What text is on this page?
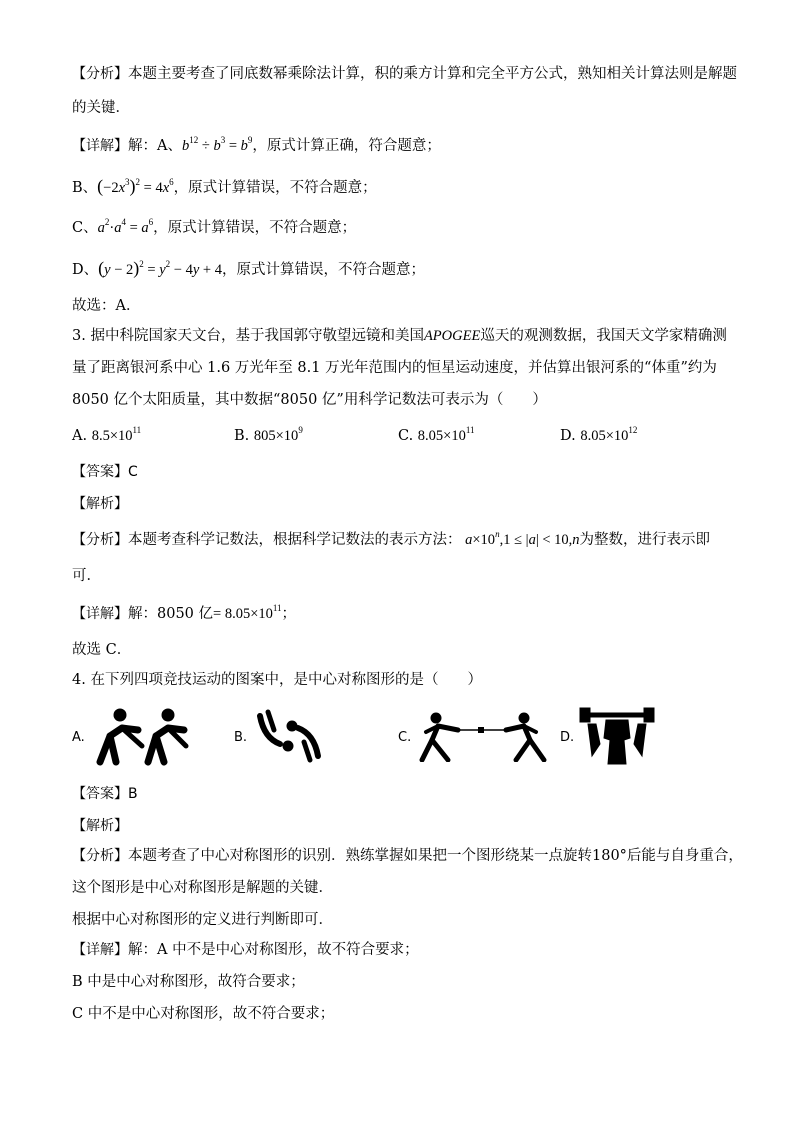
【分析】本题主要考查了同底数幂乘除法计算，积的乘方计算和完全平方公式，熟知相关计算法则是解题
的关键．
【详解】解：A、$b^{12} \div b^3 = b^9$，原式计算正确，符合题意；
B、$(-2x^3)^2 = 4x^6$，原式计算错误，不符合题意；
C、$a^2\cdot a^4 = a^6$，原式计算错误，不符合题意；
D、$(y - 2)^2 = y^2 - 4y + 4$，原式计算错误，不符合题意；
故选：A．
3. 据中科院国家天文台，基于我国郭守敬望远镜和美国APOGEE巡天的观测数据，我国天文学家精确测
量了距离银河系中心 1.6 万光年至 8.1 万光年范围内的恒星运动速度，并估算出银河系的“体重”约为
8050 亿个太阳质量，其中数据“8050 亿”用科学记数法可表示为（　　）
A. $8.5\times 10^{11}$	B. $805\times 10^9$	C. $8.05\times 10^{11}$	D. $8.05\times 10^{12}$
【答案】C
【解析】
【分析】本题考查科学记数法，根据科学记数法的表示方法： $a\times 10^n,1 \le |a| < 10,n$为整数，进行表示即
可．
【详解】解：8050 亿= $8.05\times 10^{11}$；
故选 C．
4. 在下列四项竞技运动的图案中，是中心对称图形的是（　　）
A.	B.	C.	D.
【答案】B
【解析】
【分析】本题考查了中心对称图形的识别．熟练掌握如果把一个图形绕某一点旋转180°后能与自身重合，
这个图形是中心对称图形是解题的关键．
根据中心对称图形的定义进行判断即可．
【详解】解：A 中不是中心对称图形，故不符合要求；
B 中是中心对称图形，故符合要求；
C 中不是中心对称图形，故不符合要求；
